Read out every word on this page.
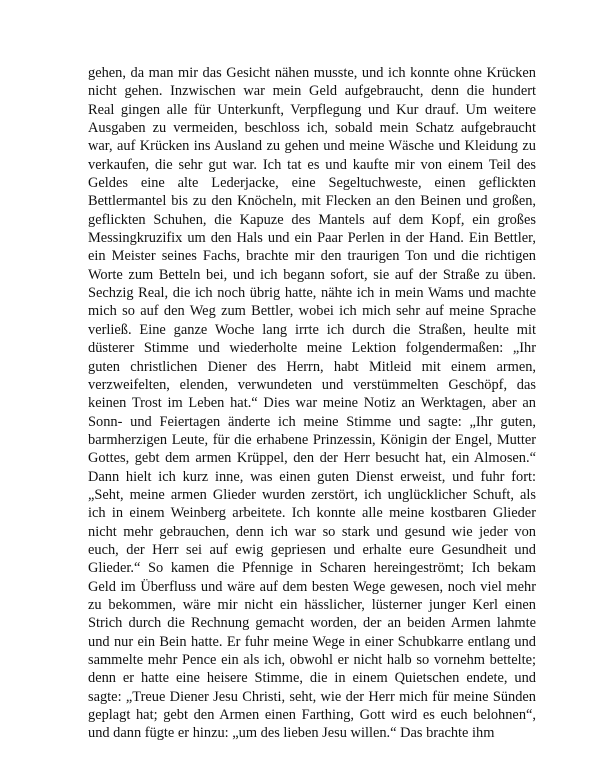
gehen, da man mir das Gesicht nähen musste, und ich konnte ohne Krücken
nicht gehen. Inzwischen war mein Geld aufgebraucht, denn die hundert
Real gingen alle für Unterkunft, Verpflegung und Kur drauf. Um weitere
Ausgaben zu vermeiden, beschloss ich, sobald mein Schatz aufgebraucht
war, auf Krücken ins Ausland zu gehen und meine Wäsche und Kleidung zu
verkaufen, die sehr gut war. Ich tat es und kaufte mir von einem Teil des
Geldes eine alte Lederjacke, eine Segeltuchweste, einen geflickten
Bettlermantel bis zu den Knöcheln, mit Flecken an den Beinen und großen,
geflickten Schuhen, die Kapuze des Mantels auf dem Kopf, ein großes
Messingkruzifix um den Hals und ein Paar Perlen in der Hand. Ein Bettler,
ein Meister seines Fachs, brachte mir den traurigen Ton und die richtigen
Worte zum Betteln bei, und ich begann sofort, sie auf der Straße zu üben.
Sechzig Real, die ich noch übrig hatte, nähte ich in mein Wams und machte
mich so auf den Weg zum Bettler, wobei ich mich sehr auf meine Sprache
verließ. Eine ganze Woche lang irrte ich durch die Straßen, heulte mit
düsterer Stimme und wiederholte meine Lektion folgendermaßen: „Ihr
guten christlichen Diener des Herrn, habt Mitleid mit einem armen,
verzweifelten, elenden, verwundeten und verstümmelten Geschöpf, das
keinen Trost im Leben hat.“ Dies war meine Notiz an Werktagen, aber an
Sonn- und Feiertagen änderte ich meine Stimme und sagte: „Ihr guten,
barmherzigen Leute, für die erhabene Prinzessin, Königin der Engel, Mutter
Gottes, gebt dem armen Krüppel, den der Herr besucht hat, ein Almosen.“
Dann hielt ich kurz inne, was einen guten Dienst erweist, und fuhr fort:
„Seht, meine armen Glieder wurden zerstört, ich unglücklicher Schuft, als
ich in einem Weinberg arbeitete. Ich konnte alle meine kostbaren Glieder
nicht mehr gebrauchen, denn ich war so stark und gesund wie jeder von
euch, der Herr sei auf ewig gepriesen und erhalte eure Gesundheit und
Glieder.“ So kamen die Pfennige in Scharen hereingeströmt; Ich bekam
Geld im Überfluss und wäre auf dem besten Wege gewesen, noch viel mehr
zu bekommen, wäre mir nicht ein hässlicher, lüsterner junger Kerl einen
Strich durch die Rechnung gemacht worden, der an beiden Armen lahmte
und nur ein Bein hatte. Er fuhr meine Wege in einer Schubkarre entlang und
sammelte mehr Pence ein als ich, obwohl er nicht halb so vornehm bettelte;
denn er hatte eine heisere Stimme, die in einem Quietschen endete, und
sagte: „Treue Diener Jesu Christi, seht, wie der Herr mich für meine Sünden
geplagt hat; gebt den Armen einen Farthing, Gott wird es euch belohnen“,
und dann fügte er hinzu: „um des lieben Jesu willen.“ Das brachte ihm
